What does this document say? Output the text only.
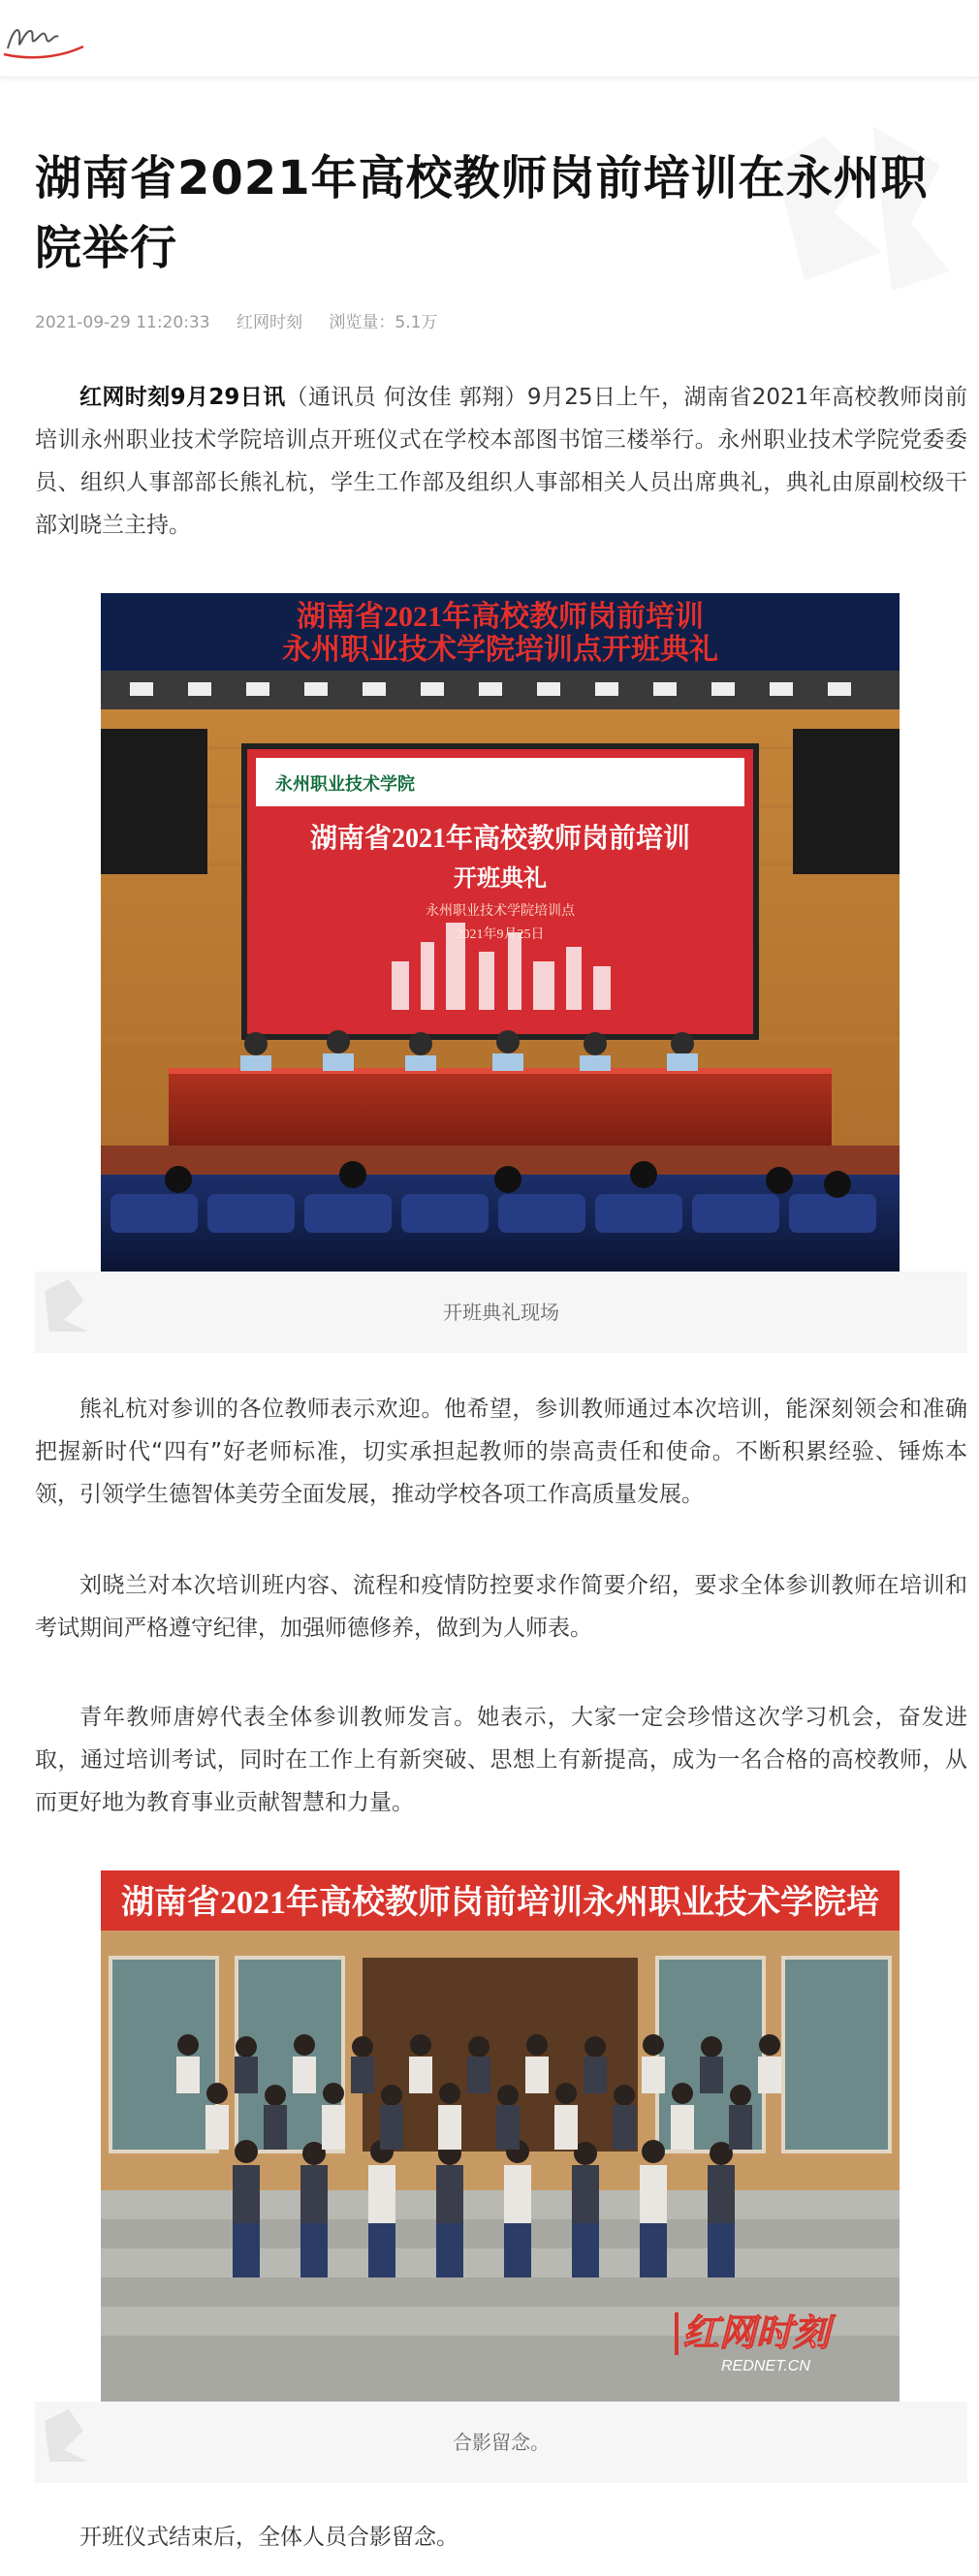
湖南省2021年高校教师岗前培训在永州职院举行
2021-09-29 11:20:33 红网时刻 浏览量：5.1万

红网时刻9月29日讯（通讯员 何汝佳 郭翔）9月25日上午，湖南省2021年高校教师岗前培训永州职业技术学院培训点开班仪式在学校本部图书馆三楼举行。永州职业技术学院党委委员、组织人事部部长熊礼杭，学生工作部及组织人事部相关人员出席典礼，典礼由原副校级干部刘晓兰主持。

湖南省2021年高校教师岗前培训
永州职业技术学院培训点开班典礼
永州职业技术学院
湖南省2021年高校教师岗前培训
开班典礼
永州职业技术学院培训点
2021年9月25日
开班典礼现场

熊礼杭对参训的各位教师表示欢迎。他希望，参训教师通过本次培训，能深刻领会和准确把握新时代“四有”好老师标准，切实承担起教师的崇高责任和使命。不断积累经验、锤炼本领，引领学生德智体美劳全面发展，推动学校各项工作高质量发展。

刘晓兰对本次培训班内容、流程和疫情防控要求作简要介绍，要求全体参训教师在培训和考试期间严格遵守纪律，加强师德修养，做到为人师表。

青年教师唐婷代表全体参训教师发言。她表示，大家一定会珍惜这次学习机会，奋发进取，通过培训考试，同时在工作上有新突破、思想上有新提高，成为一名合格的高校教师，从而更好地为教育事业贡献智慧和力量。

湖南省2021年高校教师岗前培训永州职业技术学院培
红网时刻
REDNET.CN
合影留念。

开班仪式结束后，全体人员合影留念。
